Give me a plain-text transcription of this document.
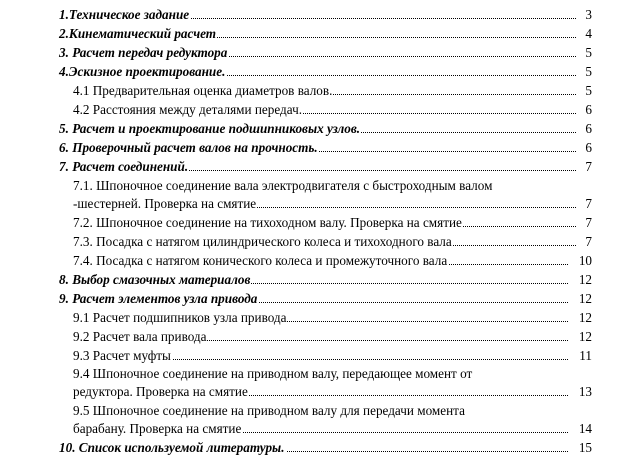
1.Техническое задание	3
2.Кинематический расчет	4
3. Расчет передач редуктора	5
4.Эскизное проектирование.	5
4.1 Предварительная оценка диаметров валов.	5
4.2 Расстояния между деталями передач.	6
5. Расчет и проектирование подшипниковых узлов.	6
6. Проверочный расчет валов на прочность.	6
7. Расчет соединений.	7
7.1. Шпоночное соединение вала электродвигателя с быстроходным валом
-шестерней. Проверка на смятие	7
7.2. Шпоночное соединение на тихоходном валу. Проверка на смятие	7
7.3. Посадка с натягом цилиндрического колеса и тихоходного вала	7
7.4. Посадка с натягом конического колеса и промежуточного вала	10
8. Выбор смазочных материалов	12
9. Расчет элементов узла привода	12
9.1 Расчет подшипников узла привода	12
9.2 Расчет вала привода	12
9.3 Расчет муфты	11
9.4 Шпоночное соединение на приводном валу, передающее момент от
редуктора. Проверка на смятие	13
9.5 Шпоночное соединение на приводном валу для передачи момента
барабану. Проверка на смятие	14
10. Список используемой литературы.	15
